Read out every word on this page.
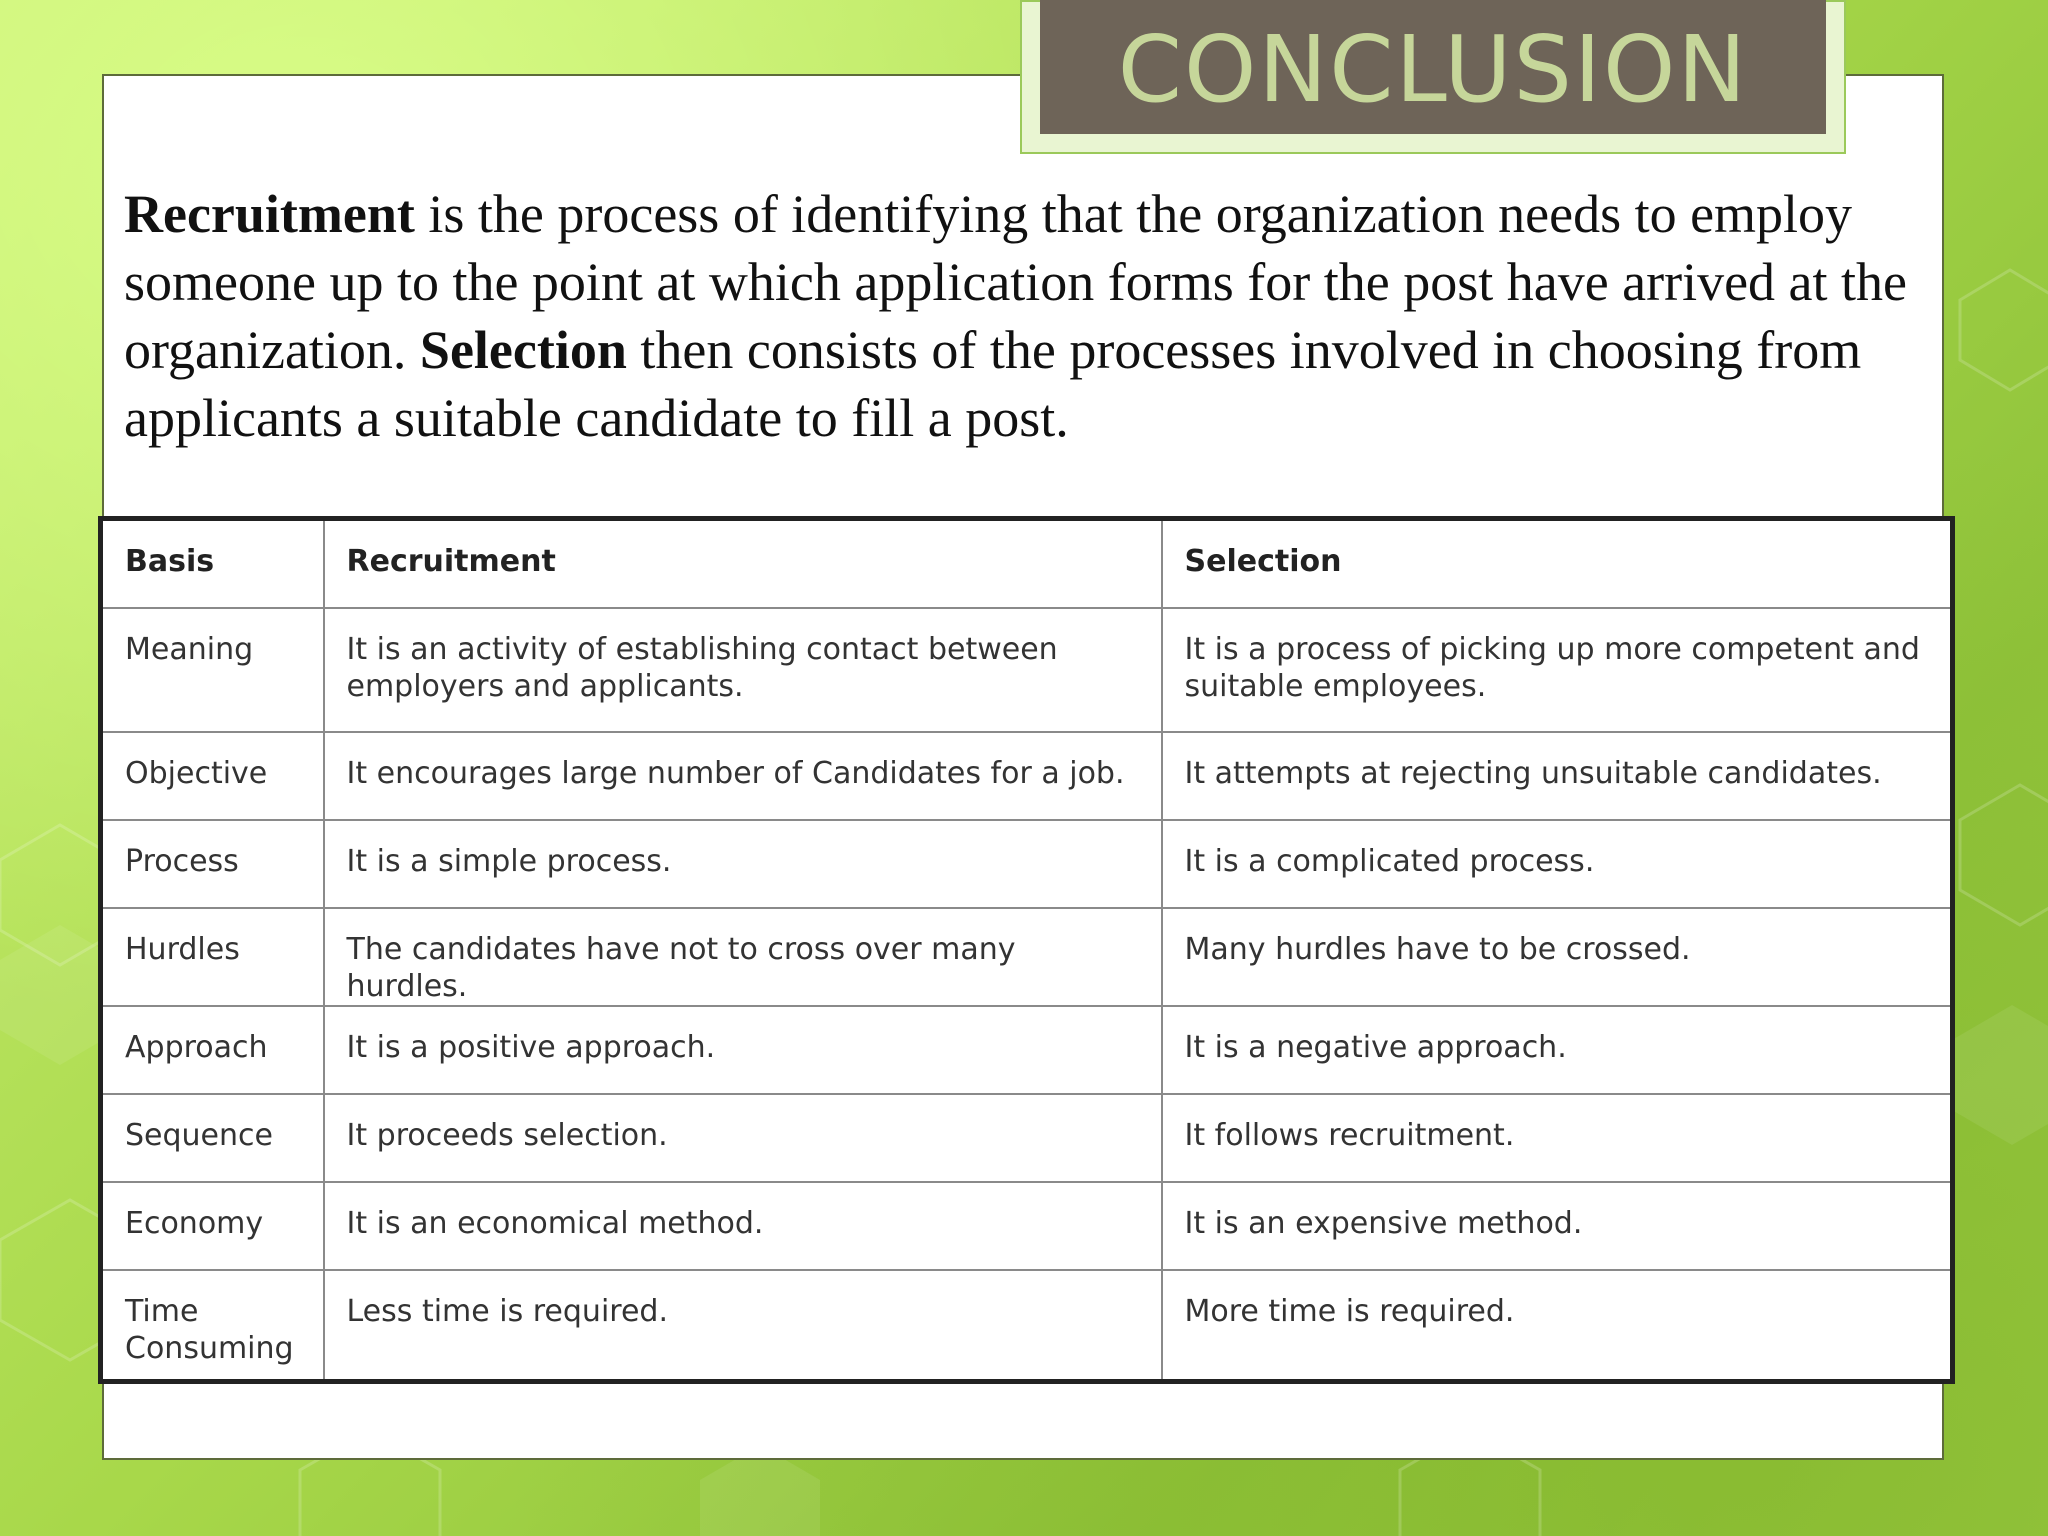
CONCLUSION
Recruitment is the process of identifying that the organization needs to employ someone up to the point at which application forms for the post have arrived at the organization. Selection then consists of the processes involved in choosing from applicants a suitable candidate to fill a post.
Basis	Recruitment	Selection
Meaning	It is an activity of establishing contact between employers and applicants.	It is a process of picking up more competent and suitable employees.
Objective	It encourages large number of Candidates for a job.	It attempts at rejecting unsuitable candidates.
Process	It is a simple process.	It is a complicated process.
Hurdles	The candidates have not to cross over many hurdles.	Many hurdles have to be crossed.
Approach	It is a positive approach.	It is a negative approach.
Sequence	It proceeds selection.	It follows recruitment.
Economy	It is an economical method.	It is an expensive method.
Time Consuming	Less time is required.	More time is required.
